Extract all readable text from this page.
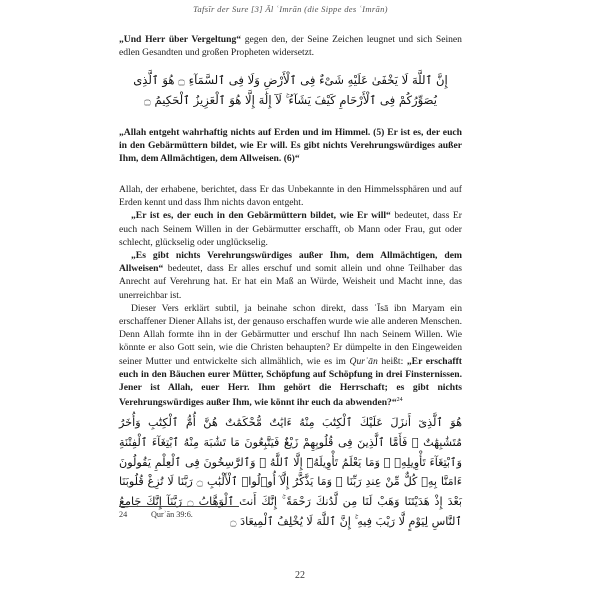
Tafsīr der Sure [3] Āl ʿImrān (die Sippe des ʿImrān)

„Und Herr über Vergeltung“ gegen den, der Seine Zeichen leugnet und sich Seinen edlen Gesandten und großen Propheten widersetzt.

إِنَّ ٱللَّهَ لَا يَخْفَىٰ عَلَيْهِ شَىْءٌ فِى ٱلْأَرْضِ وَلَا فِى ٱلسَّمَآءِ ۝ هُوَ ٱلَّذِى يُصَوِّرُكُمْ فِى ٱلْأَرْحَامِ كَيْفَ يَشَآءُ ۚ لَآ إِلَٰهَ إِلَّا هُوَ ٱلْعَزِيزُ ٱلْحَكِيمُ ۝

„Allah entgeht wahrhaftig nichts auf Erden und im Himmel. (5) Er ist es, der euch in den Gebärmüttern bildet, wie Er will. Es gibt nichts Verehrungswürdiges außer Ihm, dem Allmächtigen, dem Allweisen. (6)“

Allah, der erhabene, berichtet, dass Er das Unbekannte in den Himmelssphären und auf Erden kennt und dass Ihm nichts davon entgeht.

„Er ist es, der euch in den Gebärmüttern bildet, wie Er will“ bedeutet, dass Er euch nach Seinem Willen in der Gebärmutter erschafft, ob Mann oder Frau, gut oder schlecht, glückselig oder unglückselig.

„Es gibt nichts Verehrungswürdiges außer Ihm, dem Allmächtigen, dem Allweisen“ bedeutet, dass Er alles erschuf und somit allein und ohne Teilhaber das Anrecht auf Verehrung hat. Er hat ein Maß an Würde, Weisheit und Macht inne, das unerreichbar ist.

Dieser Vers erklärt subtil, ja beinahe schon direkt, dass ʿĪsā ibn Maryam ein erschaffener Diener Allahs ist, der genauso erschaffen wurde wie alle anderen Menschen. Denn Allah formte ihn in der Gebärmutter und erschuf Ihn nach Seinem Willen. Wie könnte er also Gott sein, wie die Christen behaupten? Er dümpelte in den Eingeweiden seiner Mutter und entwickelte sich allmählich, wie es im Qurʾān heißt: „Er erschafft euch in den Bäuchen eurer Mütter, Schöpfung auf Schöpfung in drei Finsternissen. Jener ist Allah, euer Herr. Ihm gehört die Herrschaft; es gibt nichts Verehrungswürdiges außer Ihm, wie könnt ihr euch da abwenden?“$^{24}$

هُوَ ٱلَّذِىٓ أَنزَلَ عَلَيْكَ ٱلْكِتَٰبَ مِنْهُ ءَايَٰتٌ مُّحْكَمَٰتٌ هُنَّ أُمُّ ٱلْكِتَٰبِ وَأُخَرُ مُتَشَٰبِهَٰتٌ ۖ فَأَمَّا ٱلَّذِينَ فِى قُلُوبِهِمْ زَيْغٌ فَيَتَّبِعُونَ مَا تَشَٰبَهَ مِنْهُ ٱبْتِغَآءَ ٱلْفِتْنَةِ وَٱبْتِغَآءَ تَأْوِيلِهِۦ ۗ وَمَا يَعْلَمُ تَأْوِيلَهُۥٓ إِلَّا ٱللَّهُ ۗ وَٱلرَّٰسِخُونَ فِى ٱلْعِلْمِ يَقُولُونَ ءَامَنَّا بِهِۦ كُلٌّ مِّنْ عِندِ رَبِّنَا ۗ وَمَا يَذَّكَّرُ إِلَّآ أُو۟لُوا۟ ٱلْأَلْبَٰبِ ۝ رَبَّنَا لَا تُزِغْ قُلُوبَنَا بَعْدَ إِذْ هَدَيْتَنَا وَهَبْ لَنَا مِن لَّدُنكَ رَحْمَةً ۚ إِنَّكَ أَنتَ ٱلْوَهَّابُ ۝ رَبَّنَآ إِنَّكَ جَامِعُ ٱلنَّاسِ لِيَوْمٍ لَّا رَيْبَ فِيهِ ۚ إِنَّ ٱللَّهَ لَا يُخْلِفُ ٱلْمِيعَادَ ۝
24	Qurʾān 39:6.
22
